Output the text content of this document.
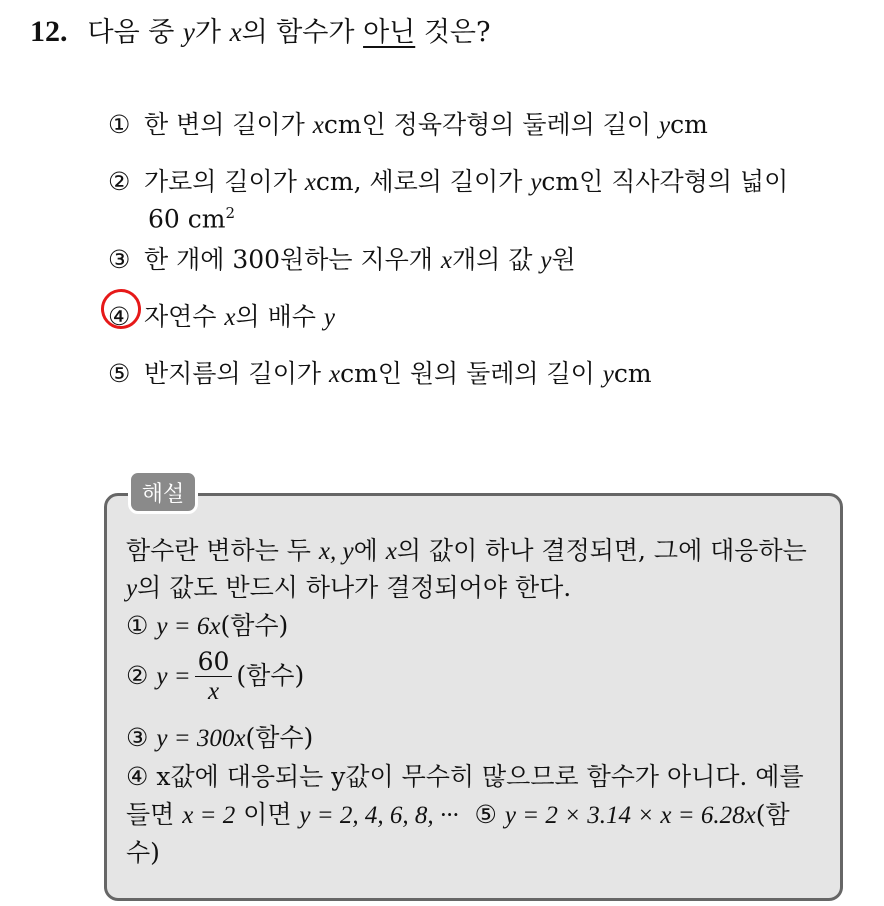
12. 다음 중 y가 x의 함수가 아닌 것은?
① 한 변의 길이가 xcm인 정육각형의 둘레의 길이 ycm
② 가로의 길이가 xcm, 세로의 길이가 ycm인 직사각형의 넓이
60 $cm^2$
③ 한 개에 300원하는 지우개 x개의 값 y원
④ 자연수 x의 배수 y
⑤ 반지름의 길이가 xcm인 원의 둘레의 길이 ycm
해설
함수란 변하는 두 x, y에 x의 값이 하나 결정되면, 그에 대응하는
y의 값도 반드시 하나가 결정되어야 한다.
① y = 6x(함수)
② $y = \frac{60}{x}$ (함수)
③ y = 300x(함수)
④ x값에 대응되는 y값이 무수히 많으므로 함수가 아니다. 예를
들면 x = 2 이면 y = 2, 4, 6, 8, ··· ⑤ y = 2 × 3.14 × x = 6.28x(함
수)
